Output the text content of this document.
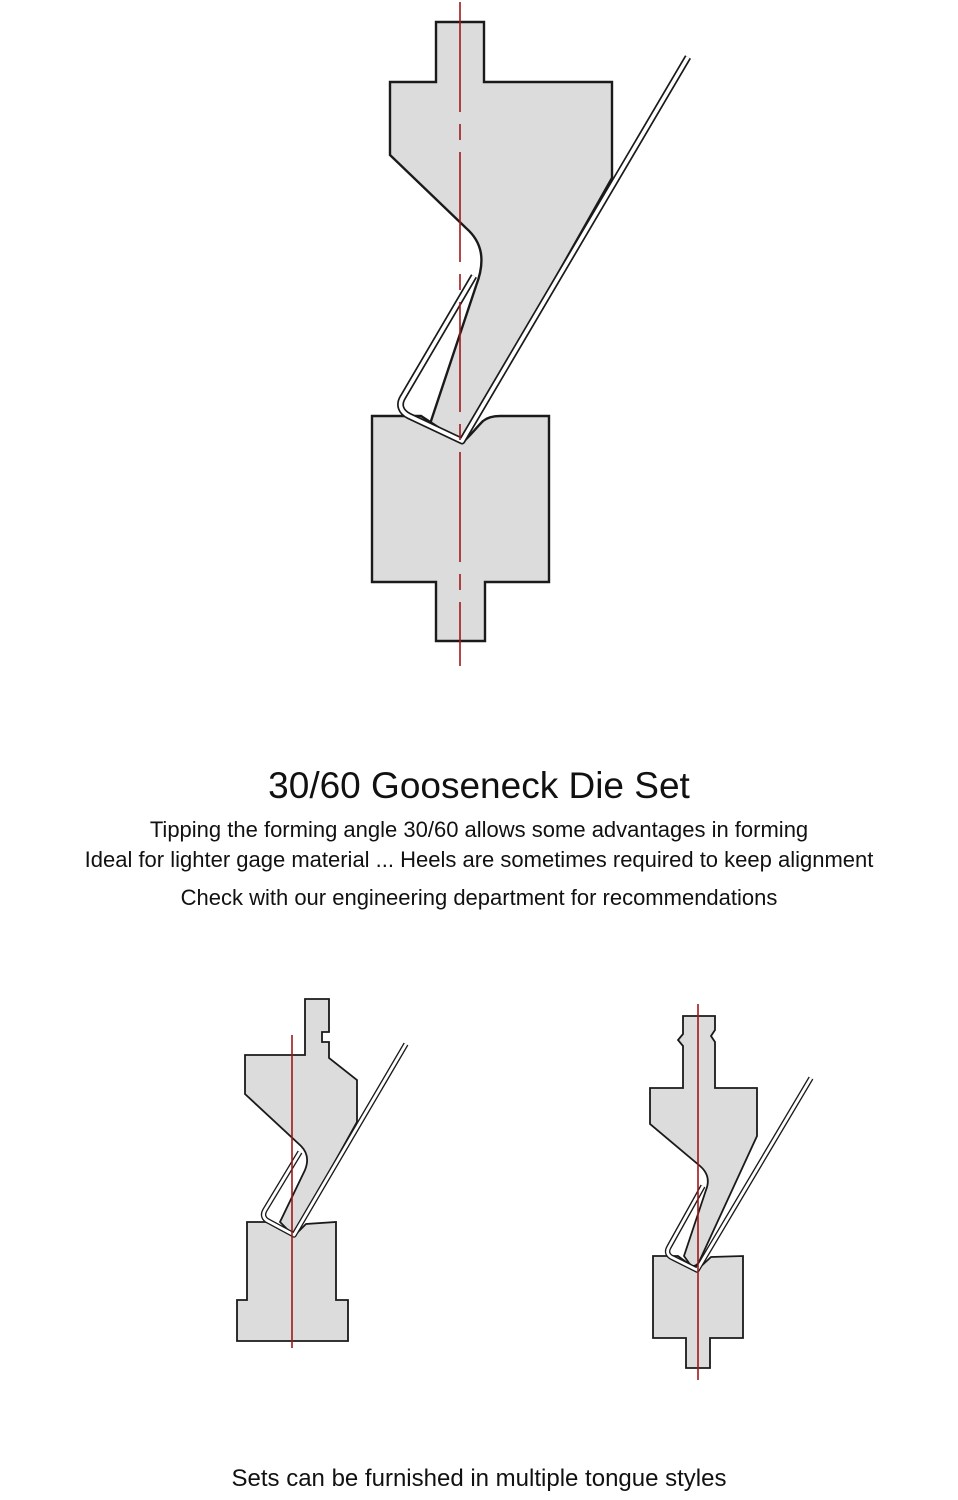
30/60 Gooseneck Die Set
Tipping the forming angle 30/60 allows some advantages in forming
Ideal for lighter gage material ... Heels are sometimes required to keep alignment
Check with our engineering department for recommendations
Sets can be furnished in multiple tongue styles
